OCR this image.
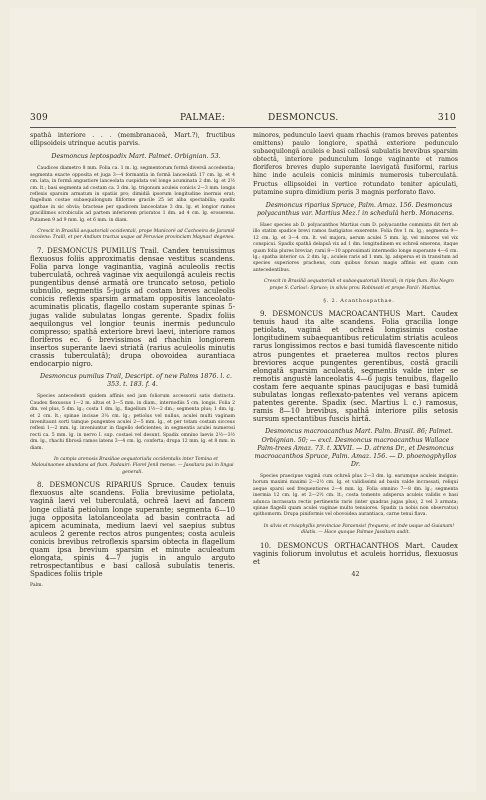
309	PALMAE:	DESMONCUS.	310

spathâ interiore . . . (membranaceâ, Mart.?), fructibus ellipsoideis utrinque acutis parvis.

Desmoncus leptospadix Mart. Palmet. Orbignian. 53.

Caudices diametro 8 mm. Folia ca. 1 m. lg. segmentorum formâ diversâ accedentia; segmenta exacte opposita et juga 3—4 formantia in formâ lanceolatâ 17 cm. lg. et 4 cm. lata, in formâ angustiore lanceolata cuspidata vel longe acuminata 2 dm. lg. et 2½ cm. lt.; basi segmenta ad costam ca. 3 dm. lg. trigonum aculeis conicis 2—3 mm. longis reflexis sparsim armatum in spatiis pro; dimidiâ ipsorum longitudine inermis erat; flagellum costae subaequilongum filiforme gracile 25 ist alba spectabilia; spadix spathae in sic obvia; bracteae per spadicem lanceolatae 3 dm. lg. et longior ramos gracillimos scrobiculis ad partem inferiorem prioratos 1 dm. ad 4 cm. lg. eroserens. Putamen 9 ad 9 mm. lg. et 6 mm. in diam.

Crescit in Brasiliâ aequatoriali occidentali, prope Manicoré ad Cachoeira de Jaramiê incolens: Traill, et per Andium tractus usque ad Peruviae provinciam Maynas! degenes.

7. DESMONCUS PUMILUS Trail. Candex tenuissimus flexuosus foliis approximatis densae vestitus scandens. Folia parva longe vaginantia, vaginâ aculeolis rectis tuberculatâ, ochreâ vaginae vix aequilongâ aculeis rectis pungentibus densé armatâ ore truncato setoso, petiolo subnullo, segmentis 5-jugis ad costam breves aculeolis conicis reflexis sparsim armatam oppositis lanceolato-acuminatis plicatis, flagello costam superante spinas 5-jugas valide subulatas longas gerente. Spadix foliis aequilongus vel longior teunis inermis pedunculo compresso; spathâ exteriore brevi laevi, interiore ramos floriferos ec. 6 brevissimos ad rhachin longiorem insertos superante laevi striatâ (rarius aculeolis minutis crassis tuberculatâ); drupa obovoidea aurantiaca endocarpio nigro.

Desmoncus pumilus Trail, Descript. of new Palms 1876. l. c. 353. t. 183. f. 4.

Species antecedenti quidem affinis sed jam foliorum accessorii satis distincta. Caudex flexuosus 1—2 m. altus et 3—5 mm. in diam., internodiis 5 cm. longis. Folia 2 dm. vel plus, 5 dm. lg.; costa 1 dm. lg., flagellum 1½—2 dm.; segmenta plus; 1 dm. lg. et 2 cm. lt.; spinae incisae 3¼ cm. lg.; petiolus vel nullus, aculei multi vaginam invenitaunt sorti tamque pungentes aculei 2—5 mm. lg., et per totam costam sicceus reflexi 1—2 mm. lg. inveniuntur in flagello deficientes; in segmentis aculei numerosi recti ca. 5 mm. lg. in nervo I. sup. costaei vel desunt. Spadix omnino laevis 2½—3½ dm. lg., rhachi fibrosâ ramos latens 3—4 cm. lg. conferta; drupa 12 mm. lg. et 8 mm. in diam.

In campis arenosis Brasiliae aequatorialis occidentalis inter Tomina et Malouinaonee abundans ad flum. Padauiri: Florel Jenil mense. — Jassitara pui in lingui generali.

8. DESMONCUS RIPARIUS Spruce. Caudex tenuis flexuosus alte scandens. Folia breviusime petiolata, vaginâ laevi vel tuberculatâ, ochreâ laevi ad fancem longe ciliatâ petiolum longe superante; segmenta 6—10 juga opposita latolanceolata ad basin contracta ad apicem acuminata, medium laevi vel saepius subtus aculeos 2 gerente rectos atros pungentes; costa aculeis conicis brevibus retroflexis sparsim obtecta in flagellum quam ipsa brevium sparsim et minute aculeatum elongata, spinis 4—7 jugis in angulo arguto retrospectantibus e basi callosâ subulatis teneris. Spadices foliis triple

Palm.

minores, pedunculo laevi quam rhachis (ramos breves patentes emittens) paulo longiore, spathâ exteriore pedunculo subaequilongâ aculeis e basi callosâ subulatis brevibus sparsim obtectâ, interiore pedunculum longe vaginante et ramos floriferos breves duplo superante laevigatâ fusiformi, rarius hinc inde aculeis conicis minimis numerosis tuberculatâ. Fructus ellipsoidei in vertice rotundato teniter apiculati, putamine supra dimidium peris 3 magnis perforato flavo.

Desmoncus riparius Spruce, Palm. Amaz. 156. Desmoncus polyacanthus var. Martius Mez.! in schedulâ herb. Monacens.

Haec species ab D. polyacanthos Martius cum D. polyacanthe commixta dit fert ab illo statim spadice brevi ramos fastigiatos exserente. Folia five 1 m. lg.; segmenta 9—12 cm. lg. et 3—4 cm. lt. vel majora, aerum aculei 5 mm. lg. vel minores vel vix conspicui. Spadix spathâ delapsâ vix ad 1 dm. longitudinem ex ochreâ emerens, itaque quam folia plures breviar; rami 8—10 approximati intermedio longe superante 4—6 cm. lg.; spatha interior ca. 2 dm. lg., aculeis raris ad 1 mm. lg. adspersa et in transitum ad species superiores prachens, cum quibus forsan magis affinis est quam cum antecedentibus.

Crescit in Brasiliâ aequatoriali et subaequatoriali litorali; in ripis flum. Rio Negro prope S. Carlos!: Spruce; in silvis prov. Robinsoti et prope Pará!: Martius.

§. 2. Acanthospathae.

9. DESMONCUS MACROACANTHUS Mart. Caudex tenuis haud ita alte scandens. Folia gracilia longe petiolata, vaginâ et ochreâ longissimis costae longitudinem subaequantibus reticulatim striatis aculeos rarus longissimos rectos e basi tumidâ flavescente nitido atros pungentes et praeterea multos rectos plures breviores acque pungentes gerentibus, costâ gracili elongatâ sparsim aculeatâ, segmentis valde inter se remotis angustè lanceolatis 4—6 jugis tenuibus, flagello costam fere aequante spinas paucijugas e basi tumidâ subulatas longas reflexato-patentes vel verans apicem patentes gerente. Spadix (sec. Martius l. c.) ramosus, ramis 8—10 brevibus, spathâ interiore pilis setosis sursum spectantibus fuscis hirtâ.

Desmoncus macroacanthus Mart. Palm. Brasil. 86; Palmet. Orbignian. 50; — excl. Desmoncus macroacanthus Wallace Palm-trees Amaz. 73. t. XXVII. — D. atrens Dr., et Desmoncus macroacanthos Spruce, Palm. Amaz. 156. — D. phoenogphyllos Dr.

Species praecipue vaginâ cum ochreâ plus 2—3 dm. lg. earumque aculeis insignis: horum maximi maximi 2—2½ cm. lg. et validissimi ad basin valde incrassati, reliqui aeque sparsi sed frequentiores 2—4 mm. lg. Folia omnino 7—8 dm. lg.; segmenta inermia 12 cm. lg. et 2—2½ cm. lt.; costa tomento adspersa aculeis validis e basi adunca incrassata rectis pertinentis raris (inter quadras jugas plus), 2 vel 3 armata; spinae flagelli quam aculei vaginae multo tenuiores. Spadix (a nobis non observatus) spithomorm. Drupa piniformis vel obovoidea aurantiaca, carne tenui flava.

In silvis et riviaphyllis provinciae Paraensis! frequens, et inde usque ad Guianam! dilatis. — Hace quoque Palmae Jassitara audit.

10. DESMONCUS ORTHACANTHOS Mart. Caudex vaginis foliorum involutus et aculeis horridus, flexuosus et

42
